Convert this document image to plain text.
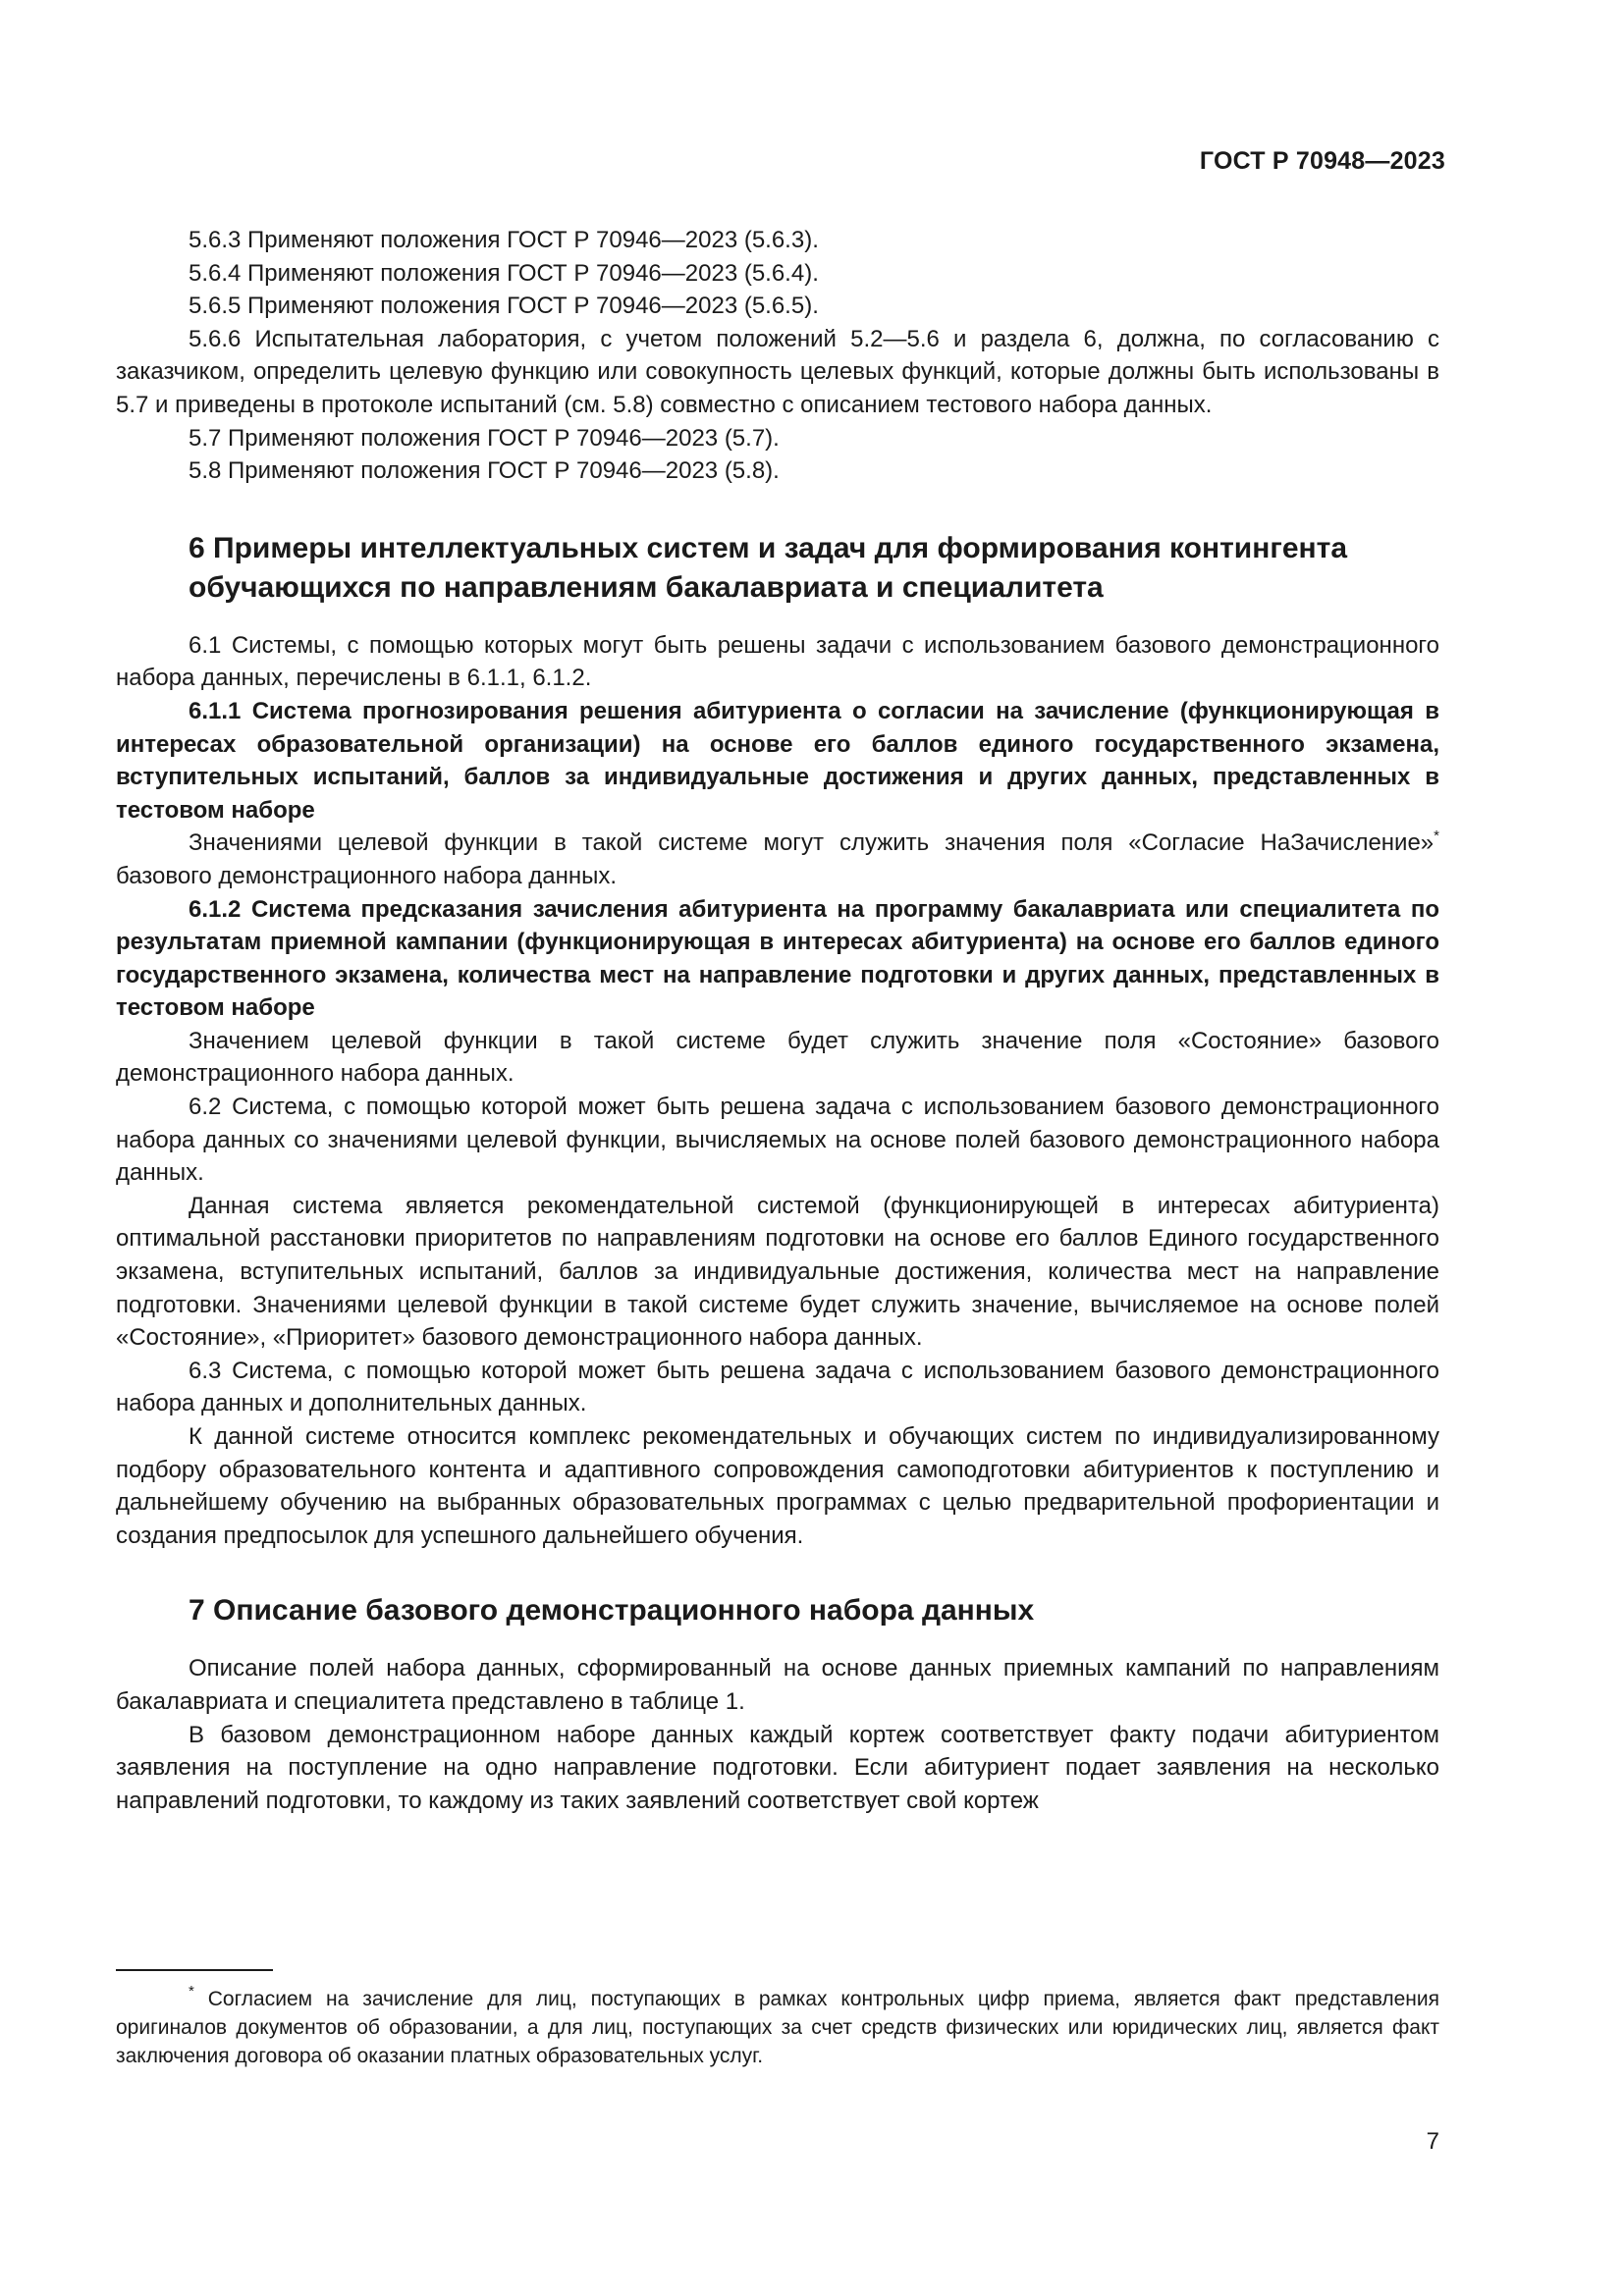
ГОСТ Р 70948—2023

5.6.3 Применяют положения ГОСТ Р 70946—2023 (5.6.3).

5.6.4 Применяют положения ГОСТ Р 70946—2023 (5.6.4).

5.6.5 Применяют положения ГОСТ Р 70946—2023 (5.6.5).

5.6.6 Испытательная лаборатория, с учетом положений 5.2—5.6 и раздела 6, должна, по согласованию с заказчиком, определить целевую функцию или совокупность целевых функций, которые должны быть использованы в 5.7 и приведены в протоколе испытаний (см. 5.8) совместно с описанием тестового набора данных.

5.7 Применяют положения ГОСТ Р 70946—2023 (5.7).

5.8 Применяют положения ГОСТ Р 70946—2023 (5.8).

6 Примеры интеллектуальных систем и задач для формирования контингента обучающихся по направлениям бакалавриата и специалитета

6.1 Системы, с помощью которых могут быть решены задачи с использованием базового демонстрационного набора данных, перечислены в 6.1.1, 6.1.2.

6.1.1 Система прогнозирования решения абитуриента о согласии на зачисление (функционирующая в интересах образовательной организации) на основе его баллов единого государственного экзамена, вступительных испытаний, баллов за индивидуальные достижения и других данных, представленных в тестовом наборе

Значениями целевой функции в такой системе могут служить значения поля «Согласие НаЗачисление»* базового демонстрационного набора данных.

6.1.2 Система предсказания зачисления абитуриента на программу бакалавриата или специалитета по результатам приемной кампании (функционирующая в интересах абитуриента) на основе его баллов единого государственного экзамена, количества мест на направление подготовки и других данных, представленных в тестовом наборе

Значением целевой функции в такой системе будет служить значение поля «Состояние» базового демонстрационного набора данных.

6.2 Система, с помощью которой может быть решена задача с использованием базового демонстрационного набора данных со значениями целевой функции, вычисляемых на основе полей базового демонстрационного набора данных.

Данная система является рекомендательной системой (функционирующей в интересах абитуриента) оптимальной расстановки приоритетов по направлениям подготовки на основе его баллов Единого государственного экзамена, вступительных испытаний, баллов за индивидуальные достижения, количества мест на направление подготовки. Значениями целевой функции в такой системе будет служить значение, вычисляемое на основе полей «Состояние», «Приоритет» базового демонстрационного набора данных.

6.3 Система, с помощью которой может быть решена задача с использованием базового демонстрационного набора данных и дополнительных данных.

К данной системе относится комплекс рекомендательных и обучающих систем по индивидуализированному подбору образовательного контента и адаптивного сопровождения самоподготовки абитуриентов к поступлению и дальнейшему обучению на выбранных образовательных программах с целью предварительной профориентации и создания предпосылок для успешного дальнейшего обучения.

7 Описание базового демонстрационного набора данных

Описание полей набора данных, сформированный на основе данных приемных кампаний по направлениям бакалавриата и специалитета представлено в таблице 1.

В базовом демонстрационном наборе данных каждый кортеж соответствует факту подачи абитуриентом заявления на поступление на одно направление подготовки. Если абитуриент подает заявления на несколько направлений подготовки, то каждому из таких заявлений соответствует свой кортеж

* Согласием на зачисление для лиц, поступающих в рамках контрольных цифр приема, является факт представления оригиналов документов об образовании, а для лиц, поступающих за счет средств физических или юридических лиц, является факт заключения договора об оказании платных образовательных услуг.

7
